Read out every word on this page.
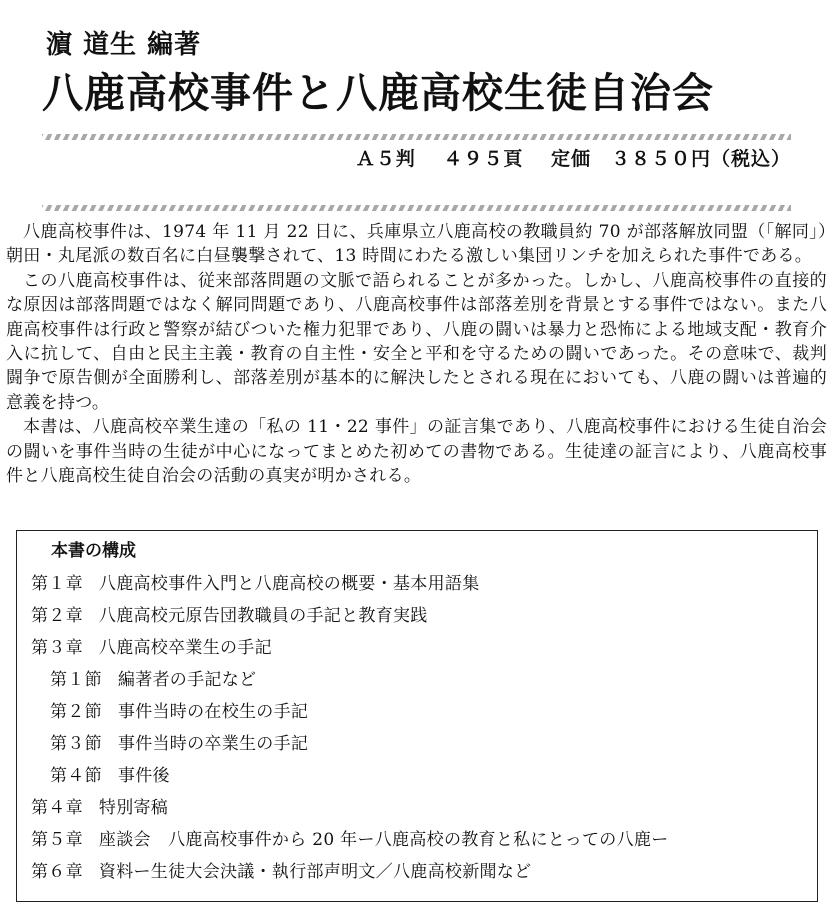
濵 道生 編著
八鹿高校事件と八鹿高校生徒自治会
Ａ５判 ４９５頁 定価　３８５０円（税込）

八鹿高校事件は、1974 年 11 月 22 日に、兵庫県立八鹿高校の教職員約 70 が部落解放同盟（「解同」）朝田・丸尾派の数百名に白昼襲撃されて、13 時間にわたる激しい集団リンチを加えられた事件である。

この八鹿高校事件は、従来部落問題の文脈で語られることが多かった。しかし、八鹿高校事件の直接的な原因は部落問題ではなく解同問題であり、八鹿高校事件は部落差別を背景とする事件ではない。また八鹿高校事件は行政と警察が結びついた権力犯罪であり、八鹿の闘いは暴力と恐怖による地域支配・教育介入に抗して、自由と民主主義・教育の自主性・安全と平和を守るための闘いであった。その意味で、裁判闘争で原告側が全面勝利し、部落差別が基本的に解決したとされる現在においても、八鹿の闘いは普遍的意義を持つ。

本書は、八鹿高校卒業生達の「私の 11・22 事件」の証言集であり、八鹿高校事件における生徒自治会の闘いを事件当時の生徒が中心になってまとめた初めての書物である。生徒達の証言により、八鹿高校事件と八鹿高校生徒自治会の活動の真実が明かされる。

本書の構成
第１章 八鹿高校事件入門と八鹿高校の概要・基本用語集
第２章 八鹿高校元原告団教職員の手記と教育実践
第３章 八鹿高校卒業生の手記
第１節 編著者の手記など
第２節 事件当時の在校生の手記
第３節 事件当時の卒業生の手記
第４節 事件後
第４章 特別寄稿
第５章 座談会　八鹿高校事件から 20 年ー八鹿高校の教育と私にとっての八鹿ー
第６章 資料ー生徒大会決議・執行部声明文／八鹿高校新聞など
